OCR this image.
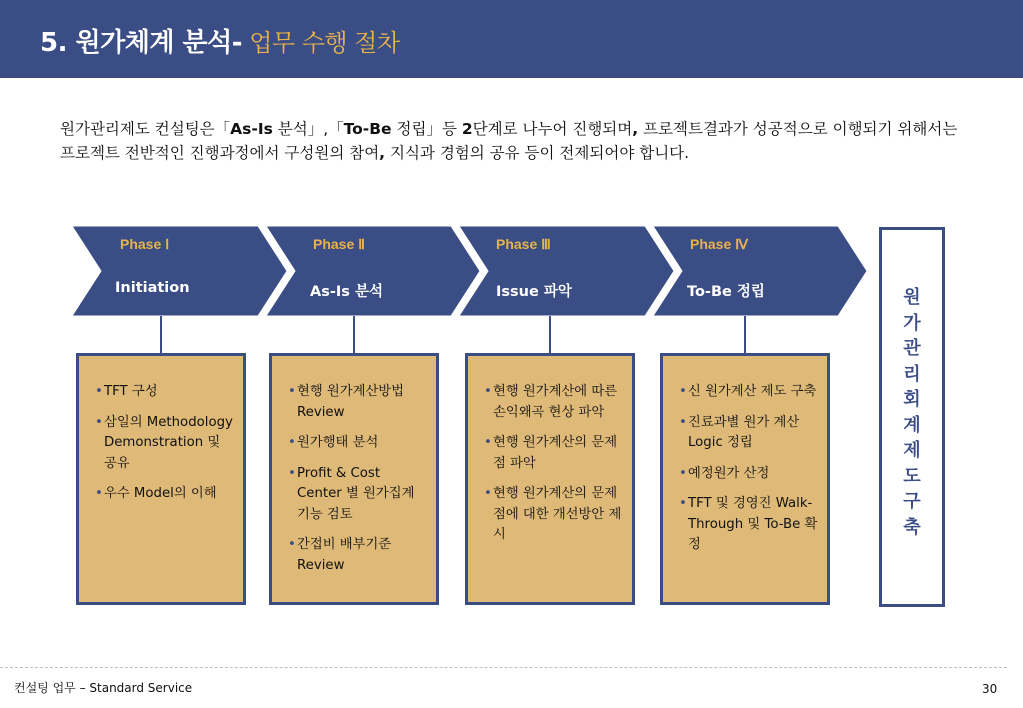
5. 원가체계 분석- 업무 수행 절차
원가관리제도 컨설팅은「As-Is 분석」,「To-Be 정립」등 2단계로 나누어 진행되며, 프로젝트결과가 성공적으로 이행되기 위해서는 프로젝트 전반적인 진행과정에서 구성원의 참여, 지식과 경험의 공유 등이 전제되어야 합니다.
Phase Ⅰ
Initiation
Phase Ⅱ
As-Is 분석
Phase Ⅲ
Issue 파악
Phase Ⅳ
To-Be 정립
• TFT 구성
• 삼일의 Methodology Demonstration 및 공유
• 우수 Model의 이해
• 현행 원가계산방법 Review
• 원가행태 분석
• Profit & Cost Center 별 원가집계 기능 검토
• 간접비 배부기준 Review
• 현행 원가계산에 따른 손익왜곡 현상 파악
• 현행 원가계산의 문제점 파악
• 현행 원가계산의 문제점에 대한 개선방안 제시
• 신 원가계산 제도 구축
• 진료과별 원가 계산 Logic 정립
• 예정원가 산정
• TFT 및 경영진 Walk-Through 및 To-Be 확정
원
가
관
리
회
계
제
도
구
축
컨설팅 업무 – Standard Service	30
